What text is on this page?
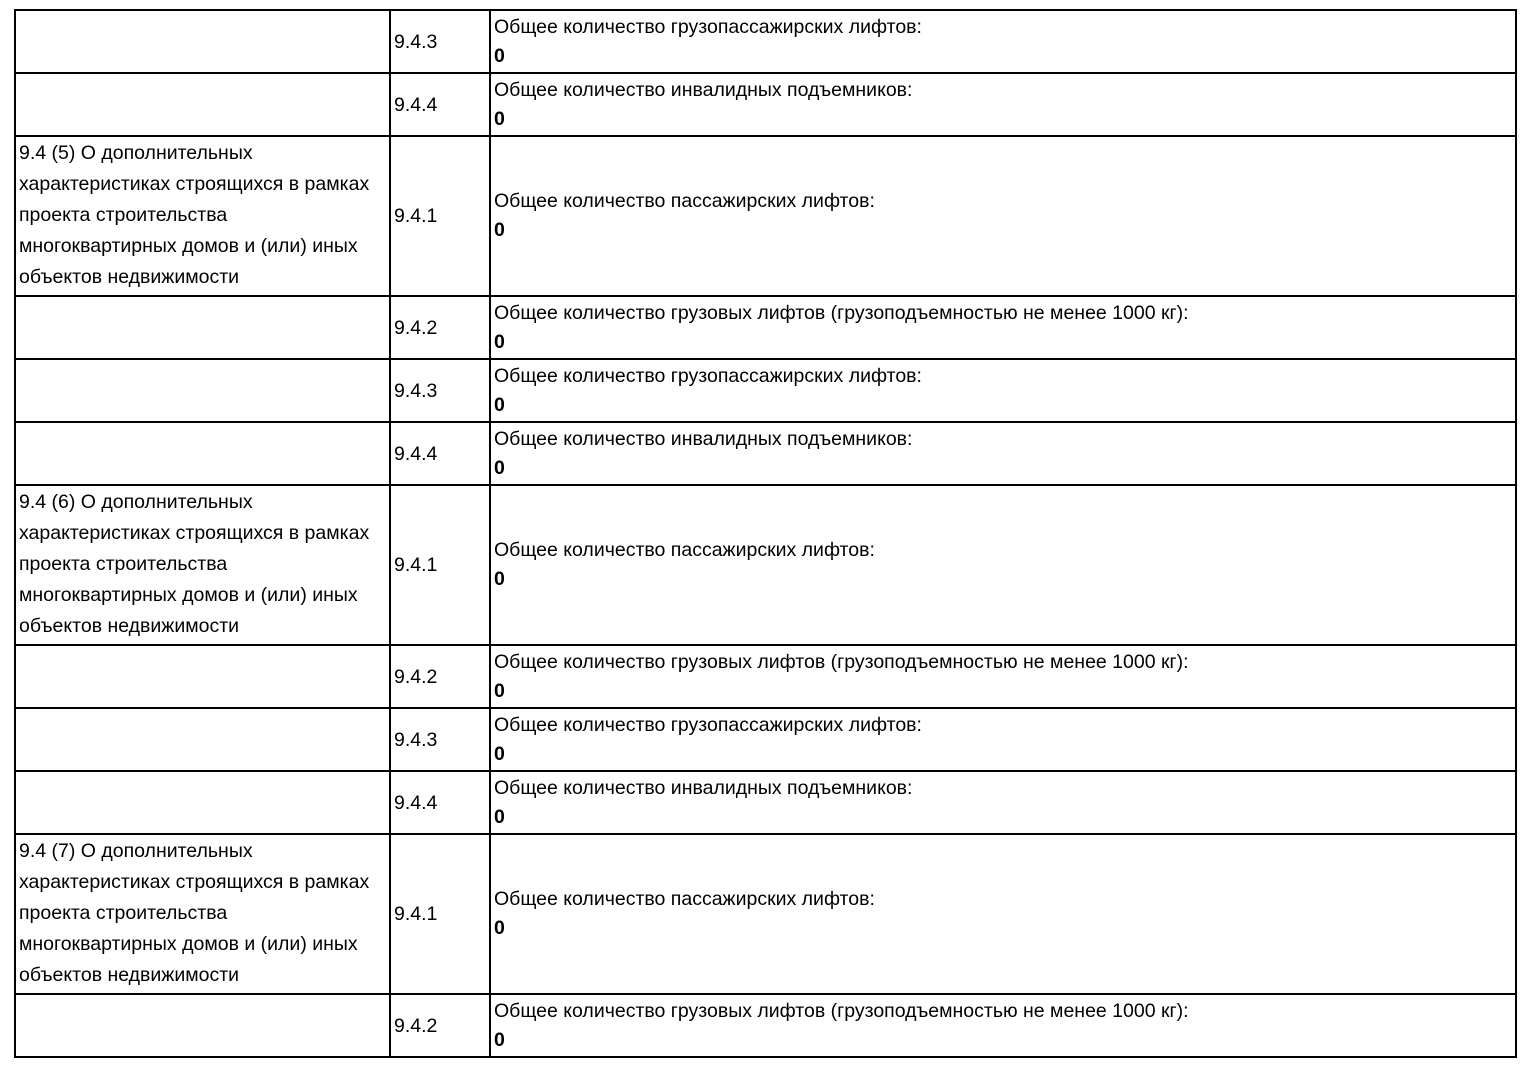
	9.4.3	Общее количество грузопассажирских лифтов:
0

	9.4.4	Общее количество инвалидных подъемников:
0

9.4 (5) О дополнительных характеристиках строящихся в рамках проекта строительства многоквартирных домов и (или) иных объектов недвижимости	9.4.1	Общее количество пассажирских лифтов:
0

	9.4.2	Общее количество грузовых лифтов (грузоподъемностью не менее 1000 кг):
0

	9.4.3	Общее количество грузопассажирских лифтов:
0

	9.4.4	Общее количество инвалидных подъемников:
0

9.4 (6) О дополнительных характеристиках строящихся в рамках проекта строительства многоквартирных домов и (или) иных объектов недвижимости	9.4.1	Общее количество пассажирских лифтов:
0

	9.4.2	Общее количество грузовых лифтов (грузоподъемностью не менее 1000 кг):
0

	9.4.3	Общее количество грузопассажирских лифтов:
0

	9.4.4	Общее количество инвалидных подъемников:
0

9.4 (7) О дополнительных характеристиках строящихся в рамках проекта строительства многоквартирных домов и (или) иных объектов недвижимости	9.4.1	Общее количество пассажирских лифтов:
0

	9.4.2	Общее количество грузовых лифтов (грузоподъемностью не менее 1000 кг):
0
